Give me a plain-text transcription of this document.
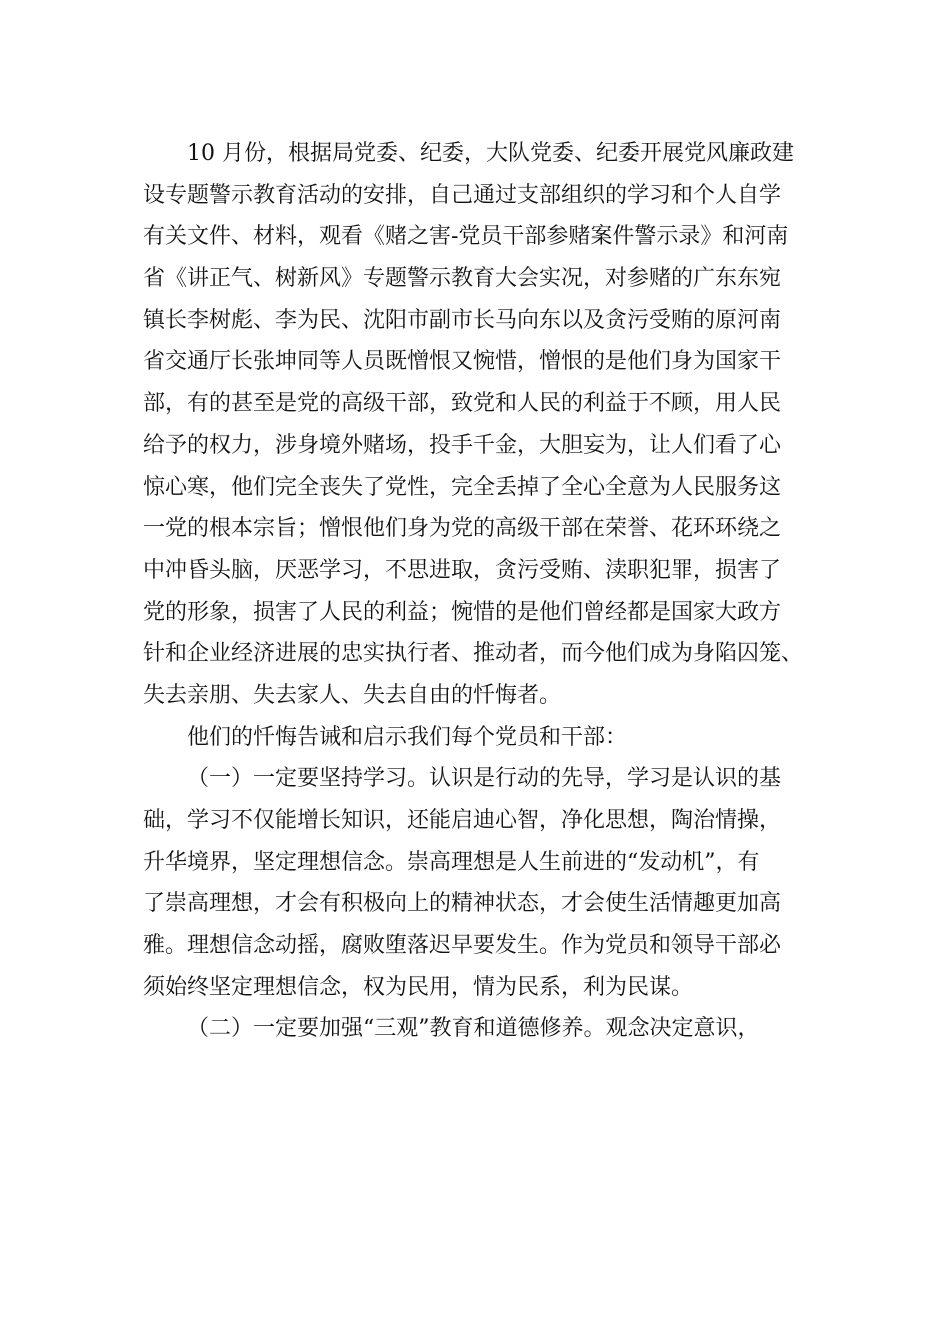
10 月份，根据局党委、纪委，大队党委、纪委开展党风廉政建
设专题警示教育活动的安排，自己通过支部组织的学习和个人自学
有关文件、材料，观看《赌之害-党员干部参赌案件警示录》和河南
省《讲正气、树新风》专题警示教育大会实况，对参赌的广东东宛
镇长李树彪、李为民、沈阳市副市长马向东以及贪污受贿的原河南
省交通厅长张坤同等人员既憎恨又惋惜，憎恨的是他们身为国家干
部，有的甚至是党的高级干部，致党和人民的利益于不顾，用人民
给予的权力，涉身境外赌场，投手千金，大胆妄为，让人们看了心
惊心寒，他们完全丧失了党性，完全丢掉了全心全意为人民服务这
一党的根本宗旨；憎恨他们身为党的高级干部在荣誉、花环环绕之
中冲昏头脑，厌恶学习，不思进取，贪污受贿、渎职犯罪，损害了
党的形象，损害了人民的利益；惋惜的是他们曾经都是国家大政方
针和企业经济进展的忠实执行者、推动者，而今他们成为身陷囚笼、
失去亲朋、失去家人、失去自由的忏悔者。
他们的忏悔告诫和启示我们每个党员和干部：
（一）一定要坚持学习。认识是行动的先导，学习是认识的基
础，学习不仅能增长知识，还能启迪心智，净化思想，陶治情操，
升华境界，坚定理想信念。崇高理想是人生前进的“发动机”，有
了崇高理想，才会有积极向上的精神状态，才会使生活情趣更加高
雅。理想信念动摇，腐败堕落迟早要发生。作为党员和领导干部必
须始终坚定理想信念，权为民用，情为民系，利为民谋。
（二）一定要加强“三观”教育和道德修养。观念决定意识，
